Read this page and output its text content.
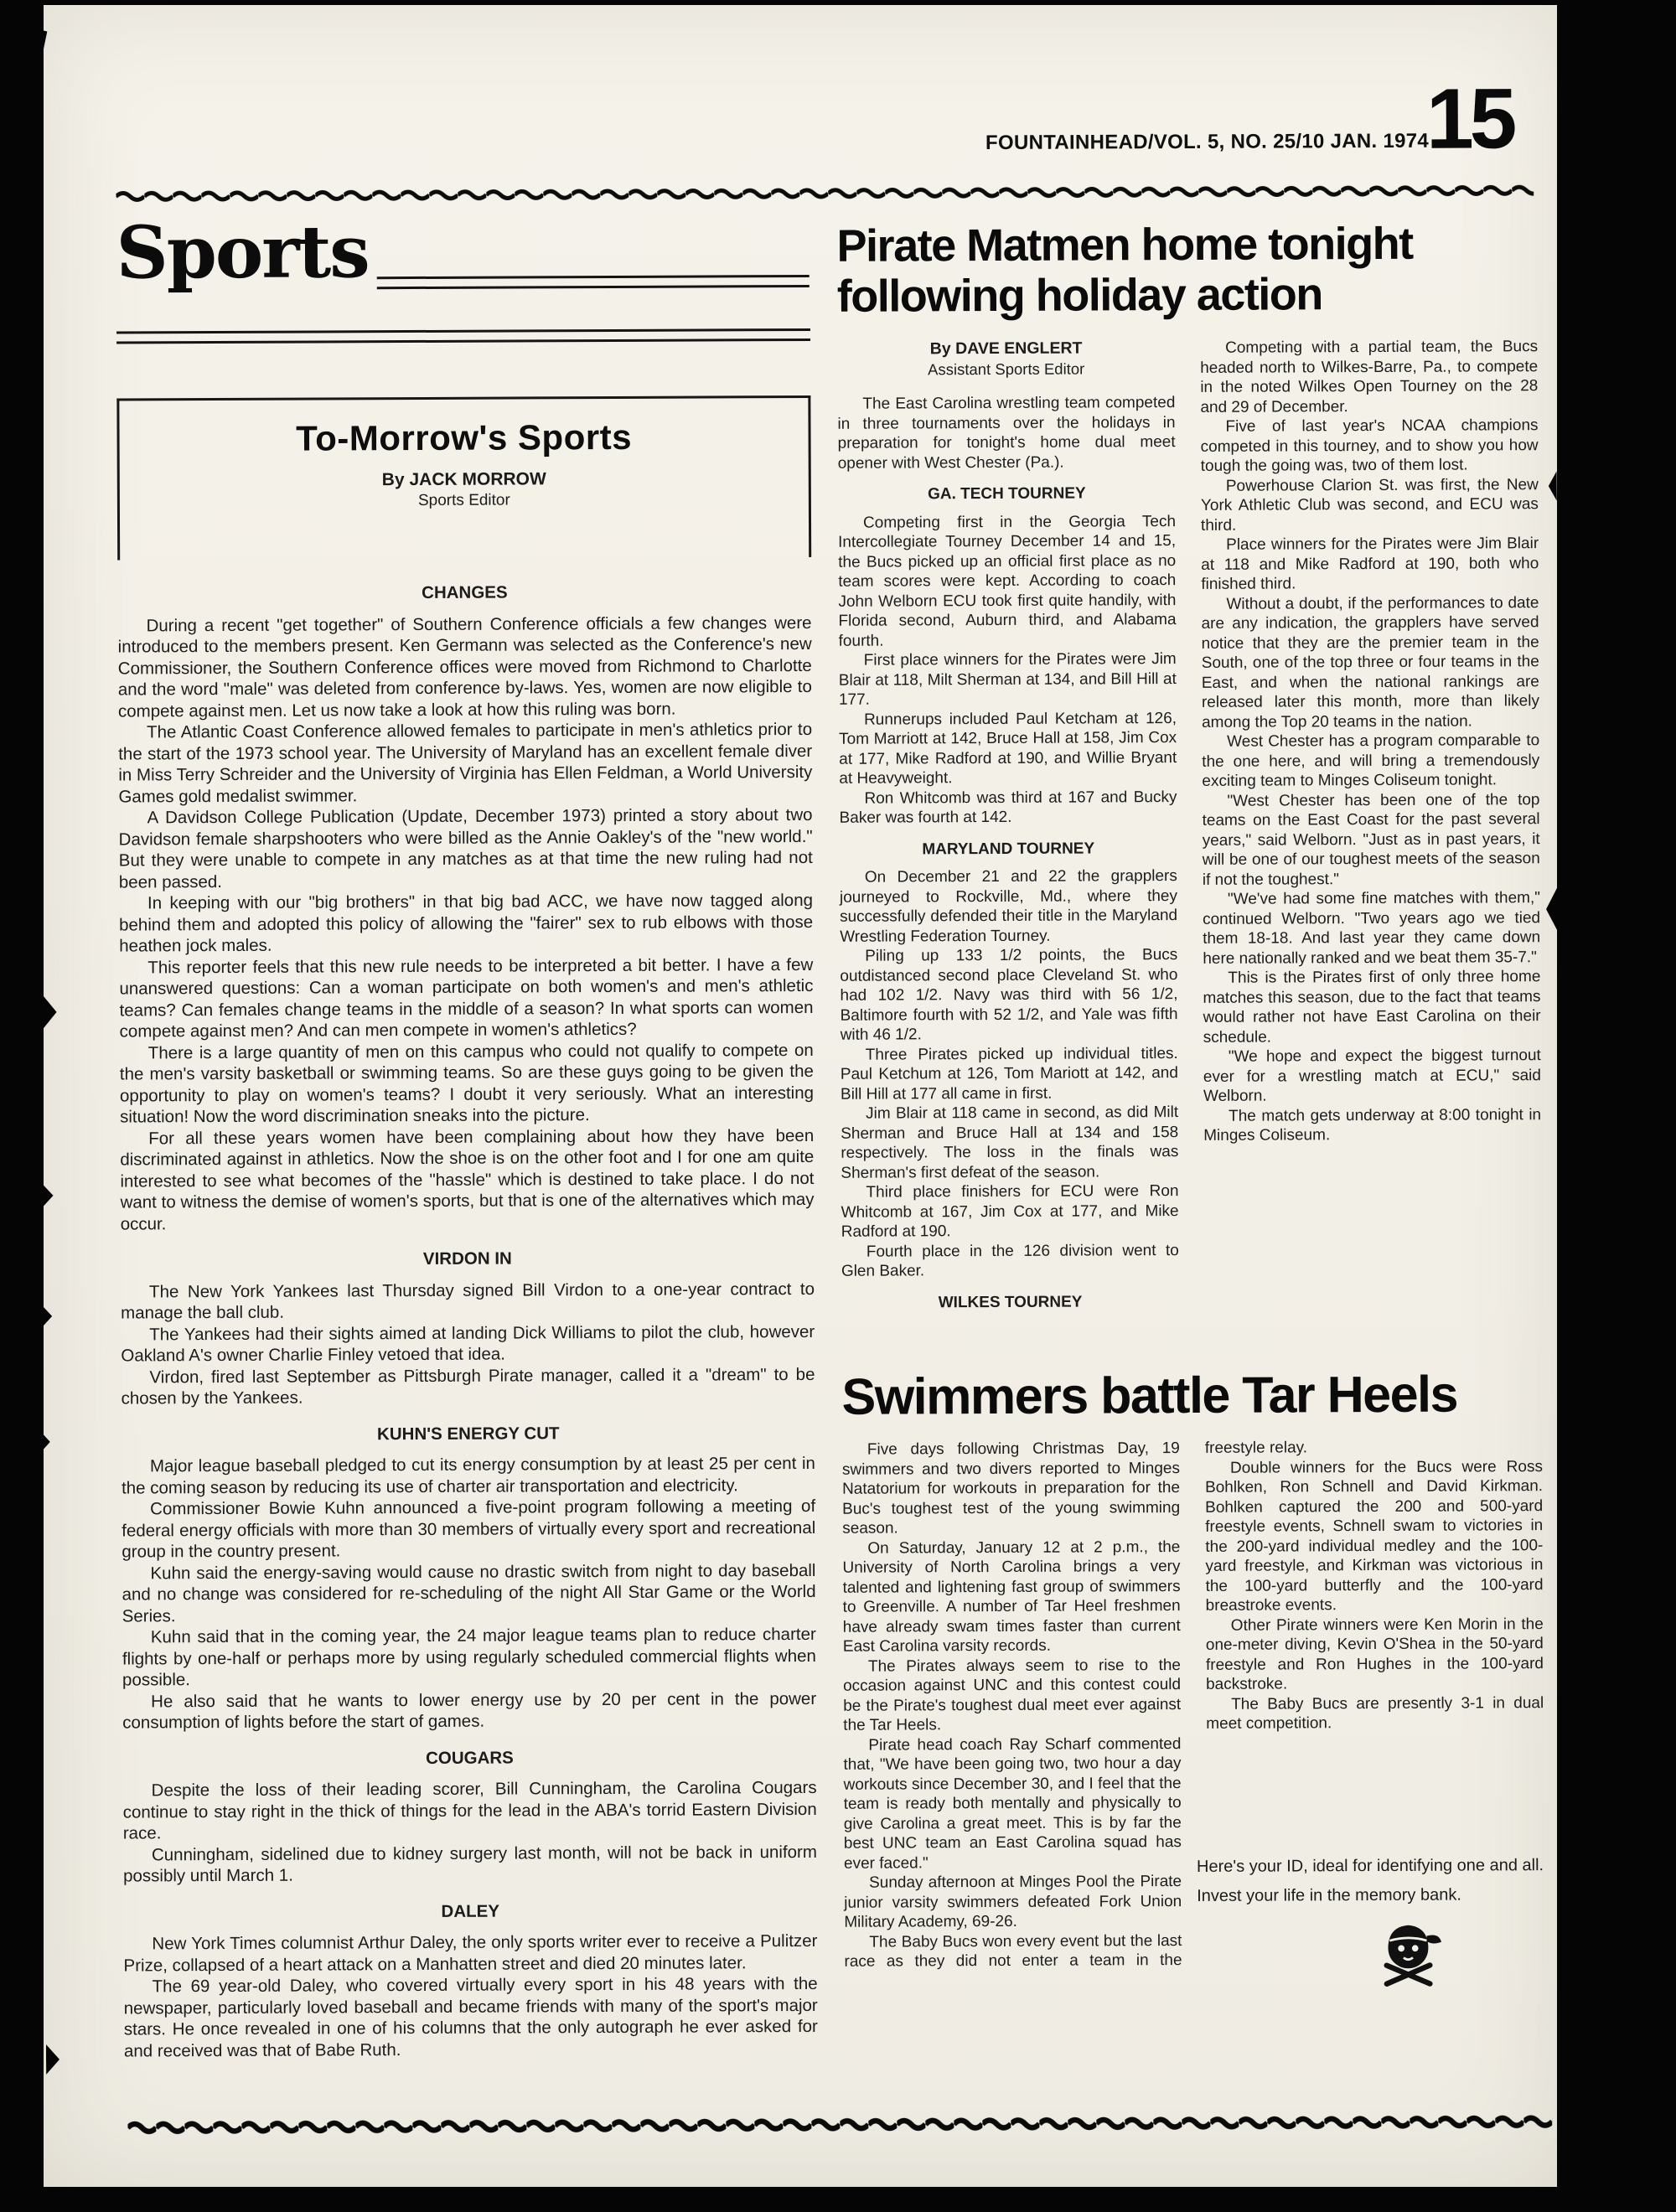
FOUNTAINHEAD/VOL. 5, NO. 25/10 JAN. 1974
15
Sports
To-Morrow's Sports
By JACK MORROW
Sports Editor
CHANGES

During a recent "get together" of Southern Conference officials a few changes were introduced to the members present. Ken Germann was selected as the Conference's new Commissioner, the Southern Conference offices were moved from Richmond to Charlotte and the word "male" was deleted from conference by-laws. Yes, women are now eligible to compete against men. Let us now take a look at how this ruling was born.

The Atlantic Coast Conference allowed females to participate in men's athletics prior to the start of the 1973 school year. The University of Maryland has an excellent female diver in Miss Terry Schreider and the University of Virginia has Ellen Feldman, a World University Games gold medalist swimmer.

A Davidson College Publication (Update, December 1973) printed a story about two Davidson female sharpshooters who were billed as the Annie Oakley's of the "new world." But they were unable to compete in any matches as at that time the new ruling had not been passed.

In keeping with our "big brothers" in that big bad ACC, we have now tagged along behind them and adopted this policy of allowing the "fairer" sex to rub elbows with those heathen jock males.

This reporter feels that this new rule needs to be interpreted a bit better. I have a few unanswered questions: Can a woman participate on both women's and men's athletic teams? Can females change teams in the middle of a season? In what sports can women compete against men? And can men compete in women's athletics?

There is a large quantity of men on this campus who could not qualify to compete on the men's varsity basketball or swimming teams. So are these guys going to be given the opportunity to play on women's teams? I doubt it very seriously. What an interesting situation! Now the word discrimination sneaks into the picture.

For all these years women have been complaining about how they have been discriminated against in athletics. Now the shoe is on the other foot and I for one am quite interested to see what becomes of the "hassle" which is destined to take place. I do not want to witness the demise of women's sports, but that is one of the alternatives which may occur.

VIRDON IN

The New York Yankees last Thursday signed Bill Virdon to a one-year contract to manage the ball club.

The Yankees had their sights aimed at landing Dick Williams to pilot the club, however Oakland A's owner Charlie Finley vetoed that idea.

Virdon, fired last September as Pittsburgh Pirate manager, called it a "dream" to be chosen by the Yankees.

KUHN'S ENERGY CUT

Major league baseball pledged to cut its energy consumption by at least 25 per cent in the coming season by reducing its use of charter air transportation and electricity.

Commissioner Bowie Kuhn announced a five-point program following a meeting of federal energy officials with more than 30 members of virtually every sport and recreational group in the country present.

Kuhn said the energy-saving would cause no drastic switch from night to day baseball and no change was considered for re-scheduling of the night All Star Game or the World Series.

Kuhn said that in the coming year, the 24 major league teams plan to reduce charter flights by one-half or perhaps more by using regularly scheduled commercial flights when possible.

He also said that he wants to lower energy use by 20 per cent in the power consumption of lights before the start of games.

COUGARS

Despite the loss of their leading scorer, Bill Cunningham, the Carolina Cougars continue to stay right in the thick of things for the lead in the ABA's torrid Eastern Division race.

Cunningham, sidelined due to kidney surgery last month, will not be back in uniform possibly until March 1.

DALEY

New York Times columnist Arthur Daley, the only sports writer ever to receive a Pulitzer Prize, collapsed of a heart attack on a Manhatten street and died 20 minutes later.

The 69 year-old Daley, who covered virtually every sport in his 48 years with the newspaper, particularly loved baseball and became friends with many of the sport's major stars. He once revealed in one of his columns that the only autograph he ever asked for and received was that of Babe Ruth.

Pirate Matmen home tonight
following holiday action

By DAVE ENGLERT

Assistant Sports Editor

The East Carolina wrestling team competed in three tournaments over the holidays in preparation for tonight's home dual meet opener with West Chester (Pa.).

GA. TECH TOURNEY

Competing first in the Georgia Tech Intercollegiate Tourney December 14 and 15, the Bucs picked up an official first place as no team scores were kept. According to coach John Welborn ECU took first quite handily, with Florida second, Auburn third, and Alabama fourth.

First place winners for the Pirates were Jim Blair at 118, Milt Sherman at 134, and Bill Hill at 177.

Runnerups included Paul Ketcham at 126, Tom Marriott at 142, Bruce Hall at 158, Jim Cox at 177, Mike Radford at 190, and Willie Bryant at Heavyweight.

Ron Whitcomb was third at 167 and Bucky Baker was fourth at 142.

MARYLAND TOURNEY

On December 21 and 22 the grapplers journeyed to Rockville, Md., where they successfully defended their title in the Maryland Wrestling Federation Tourney.

Piling up 133 1/2 points, the Bucs outdistanced second place Cleveland St. who had 102 1/2. Navy was third with 56 1/2, Baltimore fourth with 52 1/2, and Yale was fifth with 46 1/2.

Three Pirates picked up individual titles. Paul Ketchum at 126, Tom Mariott at 142, and Bill Hill at 177 all came in first.

Jim Blair at 118 came in second, as did Milt Sherman and Bruce Hall at 134 and 158 respectively. The loss in the finals was Sherman's first defeat of the season.

Third place finishers for ECU were Ron Whitcomb at 167, Jim Cox at 177, and Mike Radford at 190.

Fourth place in the 126 division went to Glen Baker.

WILKES TOURNEY

Competing with a partial team, the Bucs headed north to Wilkes-Barre, Pa., to compete in the noted Wilkes Open Tourney on the 28 and 29 of December.

Five of last year's NCAA champions competed in this tourney, and to show you how tough the going was, two of them lost.

Powerhouse Clarion St. was first, the New York Athletic Club was second, and ECU was third.

Place winners for the Pirates were Jim Blair at 118 and Mike Radford at 190, both who finished third.

Without a doubt, if the performances to date are any indication, the grapplers have served notice that they are the premier team in the South, one of the top three or four teams in the East, and when the national rankings are released later this month, more than likely among the Top 20 teams in the nation.

West Chester has a program comparable to the one here, and will bring a tremendously exciting team to Minges Coliseum tonight.

"West Chester has been one of the top teams on the East Coast for the past several years," said Welborn. "Just as in past years, it will be one of our toughest meets of the season if not the toughest."

"We've had some fine matches with them," continued Welborn. "Two years ago we tied them 18-18. And last year they came down here nationally ranked and we beat them 35-7."

This is the Pirates first of only three home matches this season, due to the fact that teams would rather not have East Carolina on their schedule.

"We hope and expect the biggest turnout ever for a wrestling match at ECU," said Welborn.

The match gets underway at 8:00 tonight in Minges Coliseum.

Swimmers battle Tar Heels

Five days following Christmas Day, 19 swimmers and two divers reported to Minges Natatorium for workouts in preparation for the Buc's toughest test of the young swimming season.

On Saturday, January 12 at 2 p.m., the University of North Carolina brings a very talented and lightening fast group of swimmers to Greenville. A number of Tar Heel freshmen have already swam times faster than current East Carolina varsity records.

The Pirates always seem to rise to the occasion against UNC and this contest could be the Pirate's toughest dual meet ever against the Tar Heels.

Pirate head coach Ray Scharf commented that, "We have been going two, two hour a day workouts since December 30, and I feel that the team is ready both mentally and physically to give Carolina a great meet. This is by far the best UNC team an East Carolina squad has ever faced."

Sunday afternoon at Minges Pool the Pirate junior varsity swimmers defeated Fork Union Military Academy, 69-26.

The Baby Bucs won every event but the last race as they did not enter a team in the freestyle relay.

Double winners for the Bucs were Ross Bohlken, Ron Schnell and David Kirkman. Bohlken captured the 200 and 500-yard freestyle events, Schnell swam to victories in the 200-yard individual medley and the 100-yard freestyle, and Kirkman was victorious in the 100-yard butterfly and the 100-yard breastroke events.

Other Pirate winners were Ken Morin in the one-meter diving, Kevin O'Shea in the 50-yard freestyle and Ron Hughes in the 100-yard backstroke.

The Baby Bucs are presently 3-1 in dual meet competition.

Here's your ID, ideal for identifying one and all.

Invest your life in the memory bank.
